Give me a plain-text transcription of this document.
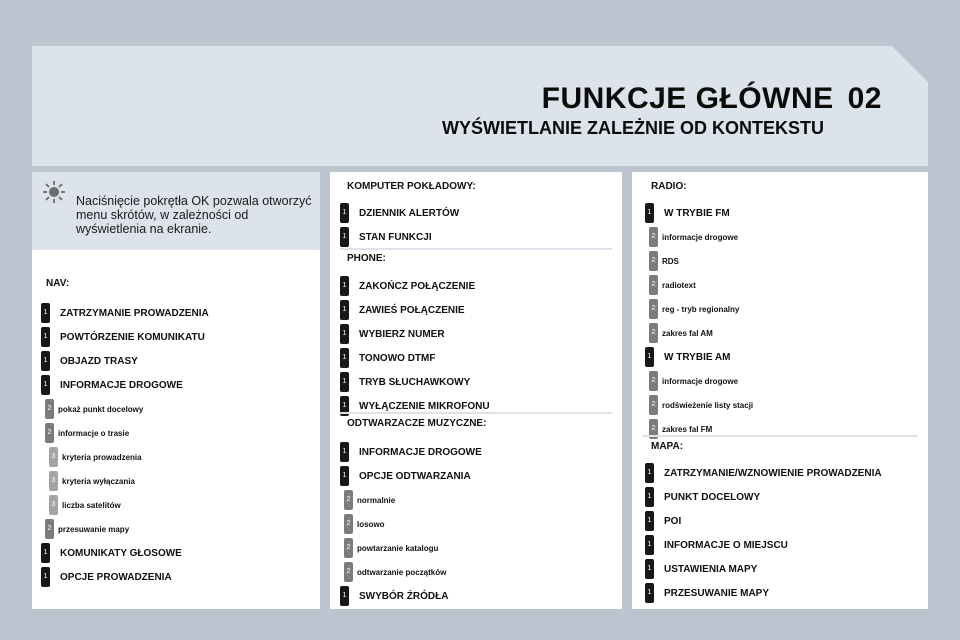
FUNKCJE GŁÓWNE 02
WYŚWIETLANIE ZALEŻNIE OD KONTEKSTU
Naciśnięcie pokrętła OK pozwala otworzyć menu skrótów, w zależności od wyświetlenia na ekranie.
NAV:
1 ZATRZYMANIE PROWADZENIA
1 POWTÓRZENIE KOMUNIKATU
1 OBJAZD TRASY
1 INFORMACJE DROGOWE
2 pokaż punkt docelowy
2 informacje o trasie
3 kryteria prowadzenia
3 kryteria wyłączania
3 liczba satelitów
2 przesuwanie mapy
1 KOMUNIKATY GŁOSOWE
1 OPCJE PROWADZENIA
KOMPUTER POKŁADOWY:
1 DZIENNIK ALERTÓW
1 STAN FUNKCJI
PHONE:
1 ZAKOŃCZ POŁĄCZENIE
1 ZAWIEŚ POŁĄCZENIE
1 WYBIERZ NUMER
1 TONOWO DTMF
1 TRYB SŁUCHAWKOWY
1 WYŁĄCZENIE MIKROFONU
ODTWARZACZE MUZYCZNE:
1 INFORMACJE DROGOWE
1 OPCJE ODTWARZANIA
2 normalnie
2 losowo
2 powtarzanie katalogu
2 odtwarzanie początków
1 SWYBÓR ŹRÓDŁA
RADIO:
1 W TRYBIE FM
2 informacje drogowe
2 RDS
2 radiotext
2 reg - tryb regionalny
2 zakres fal AM
1 W TRYBIE AM
2 informacje drogowe
2 rodświeżenie listy stacji
2 zakres fal FM
MAPA:
1 ZATRZYMANIE/WZNOWIENIE PROWADZENIA
1 PUNKT DOCELOWY
1 POI
1 INFORMACJE O MIEJSCU
1 USTAWIENIA MAPY
1 PRZESUWANIE MAPY
